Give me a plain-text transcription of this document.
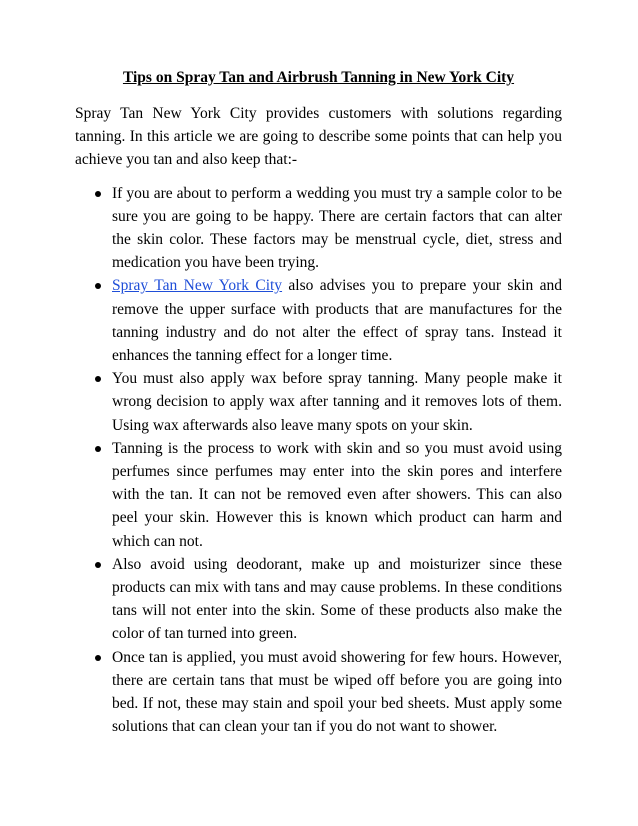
Tips on Spray Tan and Airbrush Tanning in New York City

Spray Tan New York City provides customers with solutions regarding tanning. In this article we are going to describe some points that can help you achieve you tan and also keep that:-

If you are about to perform a wedding you must try a sample color to be sure you are going to be happy. There are certain factors that can alter the skin color. These factors may be menstrual cycle, diet, stress and medication you have been trying.
Spray Tan New York City also advises you to prepare your skin and remove the upper surface with products that are manufactures for the tanning industry and do not alter the effect of spray tans. Instead it enhances the tanning effect for a longer time.
You must also apply wax before spray tanning. Many people make it wrong decision to apply wax after tanning and it removes lots of them. Using wax afterwards also leave many spots on your skin.
Tanning is the process to work with skin and so you must avoid using perfumes since perfumes may enter into the skin pores and interfere with the tan. It can not be removed even after showers. This can also peel your skin. However this is known which product can harm and which can not.
Also avoid using deodorant, make up and moisturizer since these products can mix with tans and may cause problems. In these conditions tans will not enter into the skin. Some of these products also make the color of tan turned into green.
Once tan is applied, you must avoid showering for few hours. However, there are certain tans that must be wiped off before you are going into bed. If not, these may stain and spoil your bed sheets. Must apply some solutions that can clean your tan if you do not want to shower.
